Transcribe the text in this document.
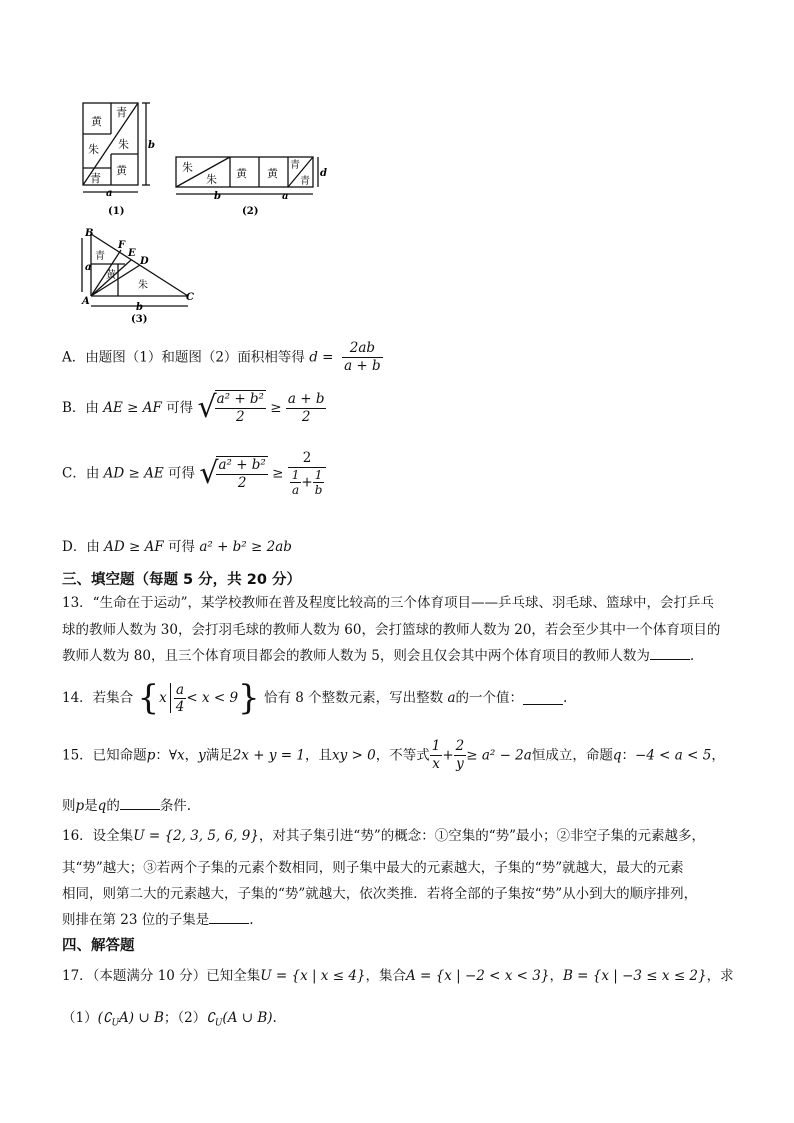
青
黄
朱 朱
青
黄
a
b
(1)
朱
朱 黄 黄
青
青
b	a
d
(2)
B
F
E
D
A	C
青
黄
朱
a
b
(3)
A．由题图（1）和题图（2）面积相等得 $d = \frac{2ab}{a + b}$
B．由 AE ≥ AF 可得 √
$\frac{\text{a² + b²}}{2} \ge \frac{a + b}{2}$
C．由 AD ≥ AE 可得 √
$\frac{\text{a² + b²}}{2} \ge \frac{2}{\frac{1}{a} + \frac{1}{b}}$
D．由 AD ≥ AF 可得 a² + b² ≥ 2ab
三、填空题（每题 5 分，共 20 分）
13．“生命在于运动”，某学校教师在普及程度比较高的三个体育项目——乒乓球、羽毛球、篮球中，会打乒乓
球的教师人数为 30，会打羽毛球的教师人数为 60，会打篮球的教师人数为 20，若会至少其中一个体育项目的
教师人数为 80，且三个体育项目都会的教师人数为 5，则会且仅会其中两个体育项目的教师人数为	.
14．若集合 $\{x \frac{a}{4} < x < 9\}$ 恰有 8 个整数元素，写出整数 a的一个值：	.
15．已知命题p：∀x，y满足2x + y = 1，且xy > 0，不等式 $\frac{1}{x} + \frac{2}{y} \ge a^2 - 2a$恒成立，命题q：−4 < a < 5，
则p是q的	条件.
16．设全集U = {2, 3, 5, 6, 9}，对其子集引进“势”的概念：①空集的“势”最小；②非空子集的元素越多，
其“势”越大；③若两个子集的元素个数相同，则子集中最大的元素越大，子集的“势”就越大，最大的元素
相同，则第二大的元素越大，子集的“势”就越大，依次类推．若将全部的子集按“势”从小到大的顺序排列，
则排在第 23 位的子集是	.
四、解答题
17．（本题满分 10 分）已知全集U = {x | x ≤ 4}，集合A = {x | −2 < x < 3}，B = {x | −3 ≤ x ≤ 2}，求
$(1)(∁_UA)$ ∪ B；$(2)∁_U(A$ ∪ B).
